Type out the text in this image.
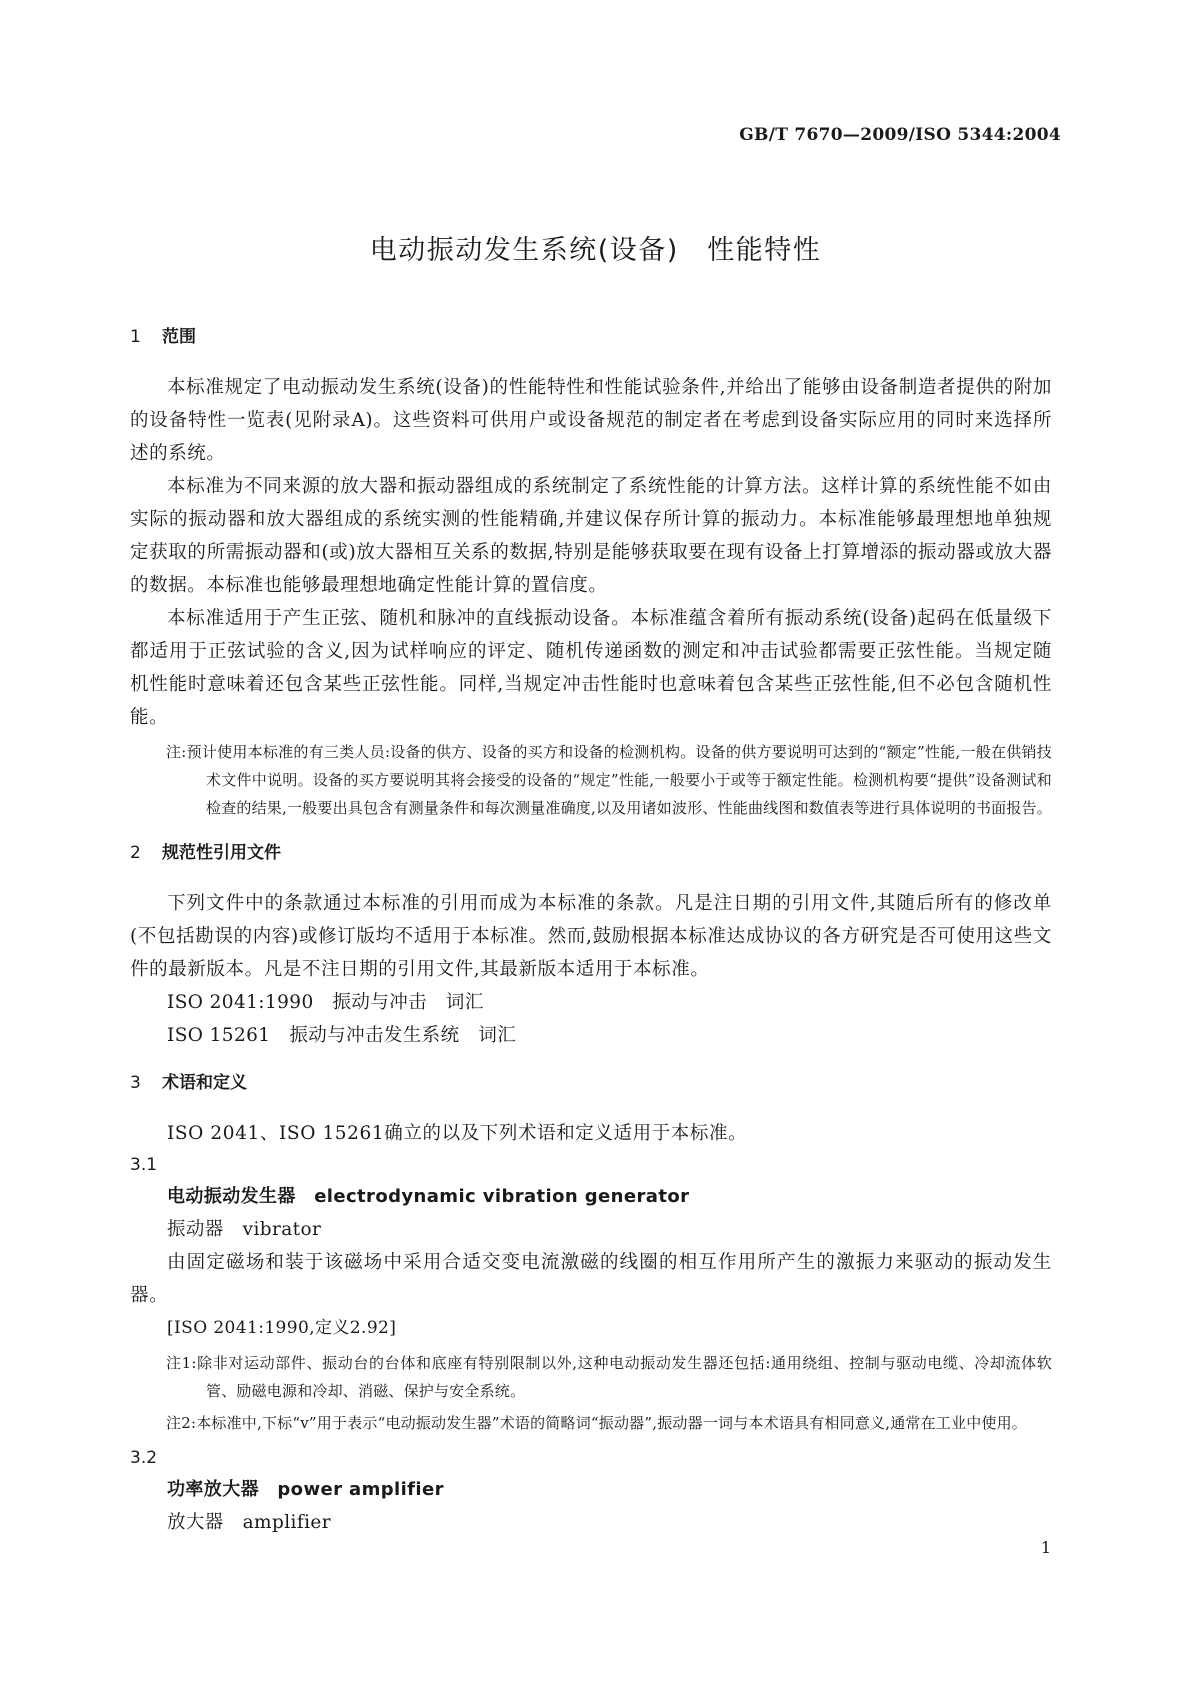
GB/T 7670—2009/ISO 5344:2004
电动振动发生系统(设备)　性能特性
1 范围

本标准规定了电动振动发生系统(设备)的性能特性和性能试验条件,并给出了能够由设备制造者提供的附加的设备特性一览表(见附录A)。这些资料可供用户或设备规范的制定者在考虑到设备实际应用的同时来选择所述的系统。

本标准为不同来源的放大器和振动器组成的系统制定了系统性能的计算方法。这样计算的系统性能不如由实际的振动器和放大器组成的系统实测的性能精确,并建议保存所计算的振动力。本标准能够最理想地单独规定获取的所需振动器和(或)放大器相互关系的数据,特别是能够获取要在现有设备上打算增添的振动器或放大器的数据。本标准也能够最理想地确定性能计算的置信度。

本标准适用于产生正弦、随机和脉冲的直线振动设备。本标准蕴含着所有振动系统(设备)起码在低量级下都适用于正弦试验的含义,因为试样响应的评定、随机传递函数的测定和冲击试验都需要正弦性能。当规定随机性能时意味着还包含某些正弦性能。同样,当规定冲击性能时也意味着包含某些正弦性能,但不必包含随机性能。

注:预计使用本标准的有三类人员:设备的供方、设备的买方和设备的检测机构。设备的供方要说明可达到的“额定”性能,一般在供销技术文件中说明。设备的买方要说明其将会接受的设备的“规定”性能,一般要小于或等于额定性能。检测机构要“提供”设备测试和检查的结果,一般要出具包含有测量条件和每次测量准确度,以及用诸如波形、性能曲线图和数值表等进行具体说明的书面报告。

2 规范性引用文件

下列文件中的条款通过本标准的引用而成为本标准的条款。凡是注日期的引用文件,其随后所有的修改单(不包括勘误的内容)或修订版均不适用于本标准。然而,鼓励根据本标准达成协议的各方研究是否可使用这些文件的最新版本。凡是不注日期的引用文件,其最新版本适用于本标准。

ISO 2041:1990　振动与冲击　词汇

ISO 15261　振动与冲击发生系统　词汇

3 术语和定义

ISO 2041、ISO 15261确立的以及下列术语和定义适用于本标准。

3.1

电动振动发生器　electrodynamic vibration generator

振动器　vibrator

由固定磁场和装于该磁场中采用合适交变电流激磁的线圈的相互作用所产生的激振力来驱动的振动发生器。

[ISO 2041:1990,定义2.92]

注1:除非对运动部件、振动台的台体和底座有特别限制以外,这种电动振动发生器还包括:通用绕组、控制与驱动电缆、冷却流体软管、励磁电源和冷却、消磁、保护与安全系统。

注2:本标准中,下标“v”用于表示“电动振动发生器”术语的简略词“振动器”,振动器一词与本术语具有相同意义,通常在工业中使用。

3.2

功率放大器　power amplifier

放大器　amplifier

1
